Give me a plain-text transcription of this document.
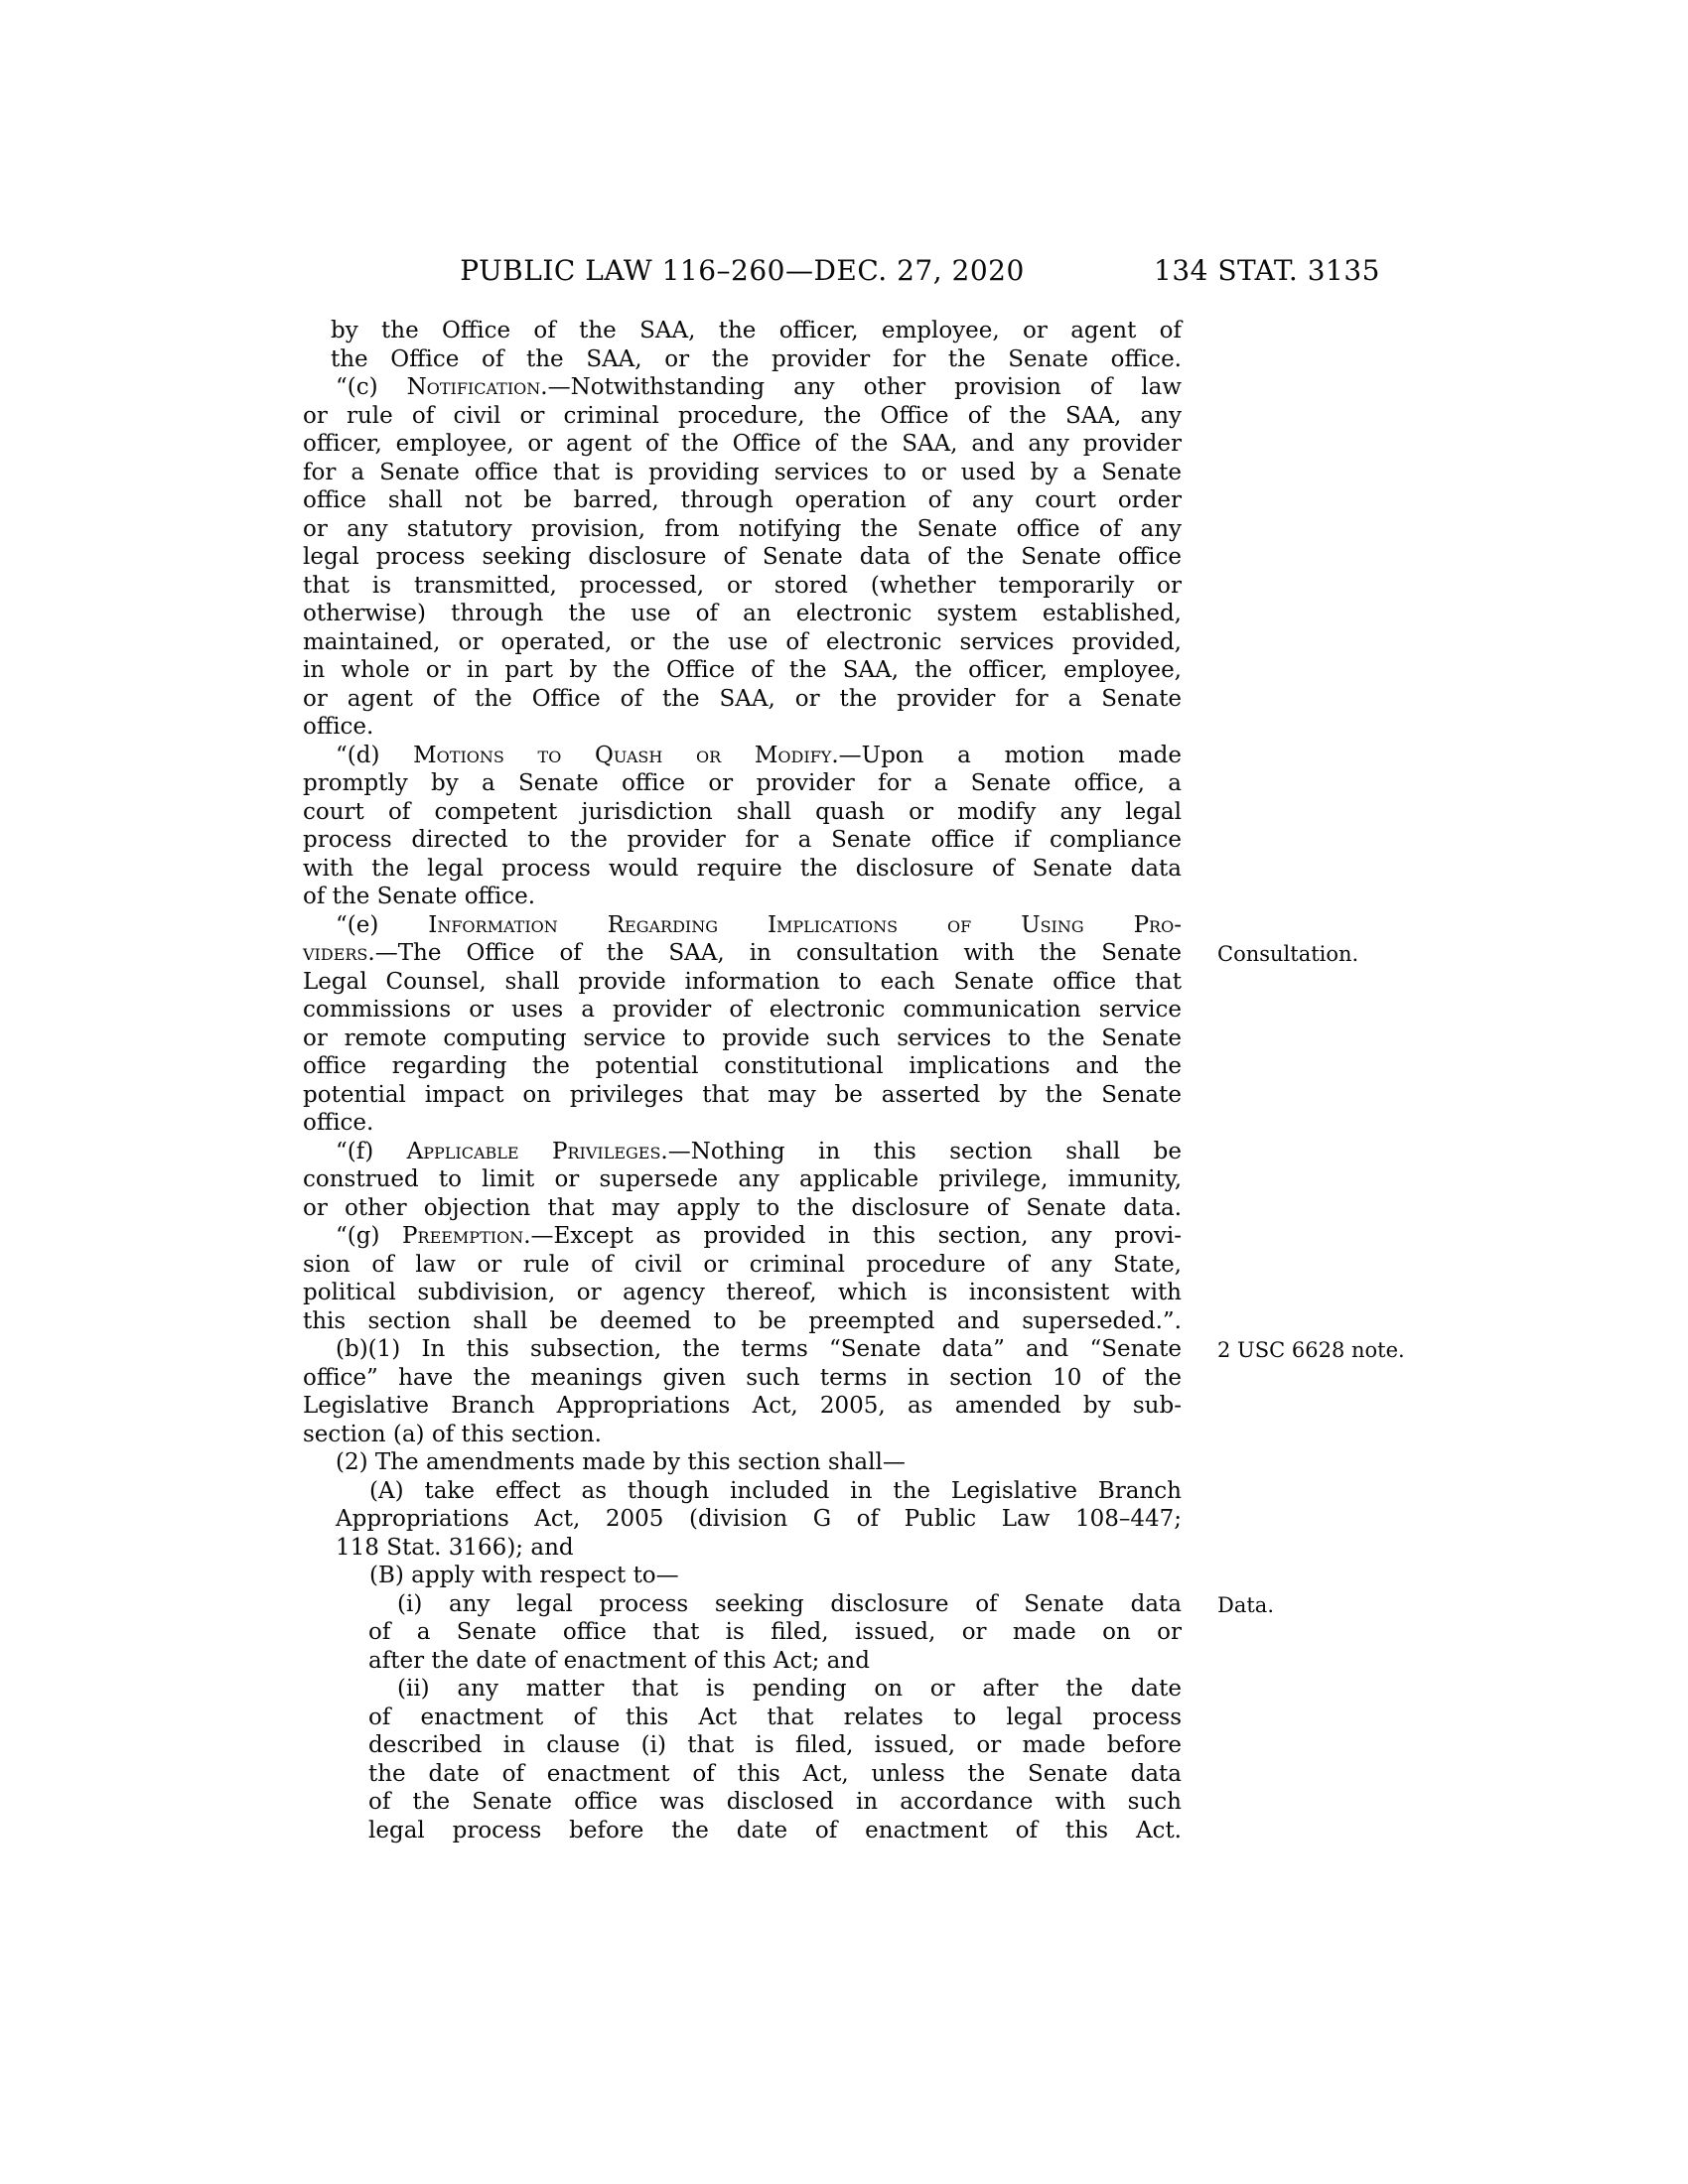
PUBLIC LAW 116–260—DEC. 27, 2020	134 STAT. 3135
by the Office of the SAA, the officer, employee, or agent of
the Office of the SAA, or the provider for the Senate office.
“(c) Notification.—Notwithstanding any other provision of law
or rule of civil or criminal procedure, the Office of the SAA, any
officer, employee, or agent of the Office of the SAA, and any provider
for a Senate office that is providing services to or used by a Senate
office shall not be barred, through operation of any court order
or any statutory provision, from notifying the Senate office of any
legal process seeking disclosure of Senate data of the Senate office
that is transmitted, processed, or stored (whether temporarily or
otherwise) through the use of an electronic system established,
maintained, or operated, or the use of electronic services provided,
in whole or in part by the Office of the SAA, the officer, employee,
or agent of the Office of the SAA, or the provider for a Senate
office.
“(d) Motions to Quash or Modify.—Upon a motion made
promptly by a Senate office or provider for a Senate office, a
court of competent jurisdiction shall quash or modify any legal
process directed to the provider for a Senate office if compliance
with the legal process would require the disclosure of Senate data
of the Senate office.
“(e) Information Regarding Implications of Using Pro-
viders.—The Office of the SAA, in consultation with the Senate Consultation.
Legal Counsel, shall provide information to each Senate office that
commissions or uses a provider of electronic communication service
or remote computing service to provide such services to the Senate
office regarding the potential constitutional implications and the
potential impact on privileges that may be asserted by the Senate
office.
“(f) Applicable Privileges.—Nothing in this section shall be
construed to limit or supersede any applicable privilege, immunity,
or other objection that may apply to the disclosure of Senate data.
“(g) Preemption.—Except as provided in this section, any provi-
sion of law or rule of civil or criminal procedure of any State,
political subdivision, or agency thereof, which is inconsistent with
this section shall be deemed to be preempted and superseded.”.
(b)(1) In this subsection, the terms “Senate data” and “Senate 2 USC 6628 note.
office” have the meanings given such terms in section 10 of the
Legislative Branch Appropriations Act, 2005, as amended by sub-
section (a) of this section.
(2) The amendments made by this section shall—
(A) take effect as though included in the Legislative Branch
Appropriations Act, 2005 (division G of Public Law 108–447;
118 Stat. 3166); and
(B) apply with respect to—
(i) any legal process seeking disclosure of Senate data Data.
of a Senate office that is filed, issued, or made on or
after the date of enactment of this Act; and
(ii) any matter that is pending on or after the date
of enactment of this Act that relates to legal process
described in clause (i) that is filed, issued, or made before
the date of enactment of this Act, unless the Senate data
of the Senate office was disclosed in accordance with such
legal process before the date of enactment of this Act.
